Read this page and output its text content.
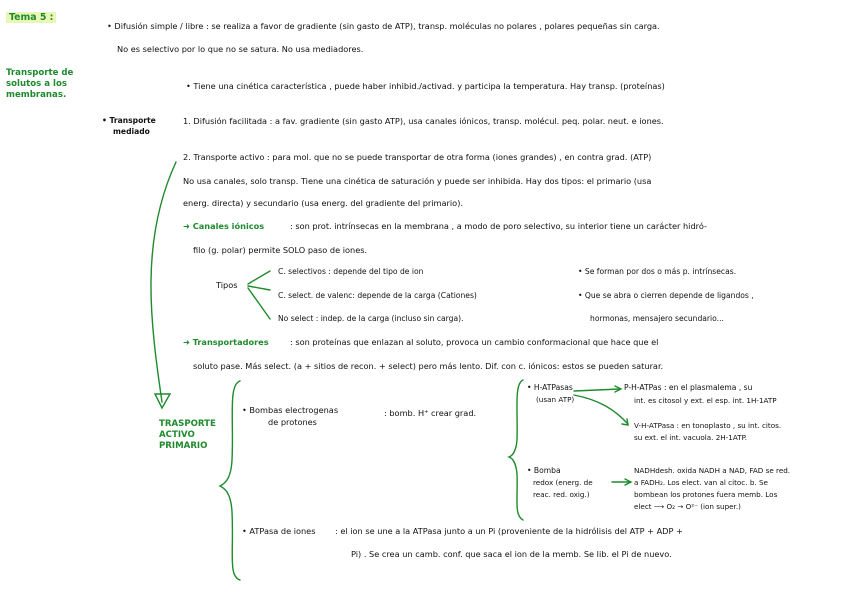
Tema 5 :
Transporte de
solutos a los
membranas.
• Transporte
mediado
TRASPORTE
ACTIVO
PRIMARIO
• Difusión simple / libre : se realiza a favor de gradiente (sin gasto de ATP), transp. moléculas no polares , polares pequeñas sin carga.
No es selectivo por lo que no se satura. No usa mediadores.
• Tiene una cinética característica , puede haber inhibid./activad. y participa la temperatura. Hay transp. (proteínas)
1. Difusión facilitada : a fav. gradiente (sin gasto ATP), usa canales iónicos, transp. molécul. peq. polar. neut. e iones.
2. Transporte activo : para mol. que no se puede transportar de otra forma (iones grandes) , en contra grad. (ATP)
No usa canales, solo transp. Tiene una cinética de saturación y puede ser inhibida. Hay dos tipos: el primario (usa
energ. directa) y secundario (usa energ. del gradiente del primario).
➜ Canales iónicos	: son prot. intrínsecas en la membrana , a modo de poro selectivo, su interior tiene un carácter hidró-
filo (g. polar) permite SOLO paso de iones.
Tipos
C. selectivos : depende del tipo de ion
C. select. de valenc: depende de la carga (Cationes)
No select : indep. de la carga (incluso sin carga).
• Se forman por dos o más p. intrínsecas.
• Que se abra o cierren depende de ligandos ,
hormonas, mensajero secundario...
➜ Transportadores	: son proteínas que enlazan al soluto, provoca un cambio conformacional que hace que el
soluto pase. Más select. (a + sitios de recon. + select) pero más lento. Dif. con c. iónicos: estos se pueden saturar.
• Bombas electrogenas
de protones
: bomb. H⁺ crear grad.
• H-ATPasas
(usan ATP)
P-H-ATPas : en el plasmalema , su
int. es citosol y ext. el esp. int. 1H-1ATP
V-H-ATPasa : en tonoplasto , su int. citos.
su ext. el int. vacuola. 2H-1ATP.
• Bomba
redox (energ. de
reac. red. oxig.)
NADHdesh. oxida NADH a NAD, FAD se red.
a FADH₂. Los elect. van al citoc. b. Se
bombean los protones fuera memb. Los
elect ⟶ O₂ → O²⁻ (ion super.)
• ATPasa de iones : el ion se une a la ATPasa junto a un Pi (proveniente de la hidrólisis del ATP + ADP +
Pi) . Se crea un camb. conf. que saca el ion de la memb. Se lib. el Pi de nuevo.
